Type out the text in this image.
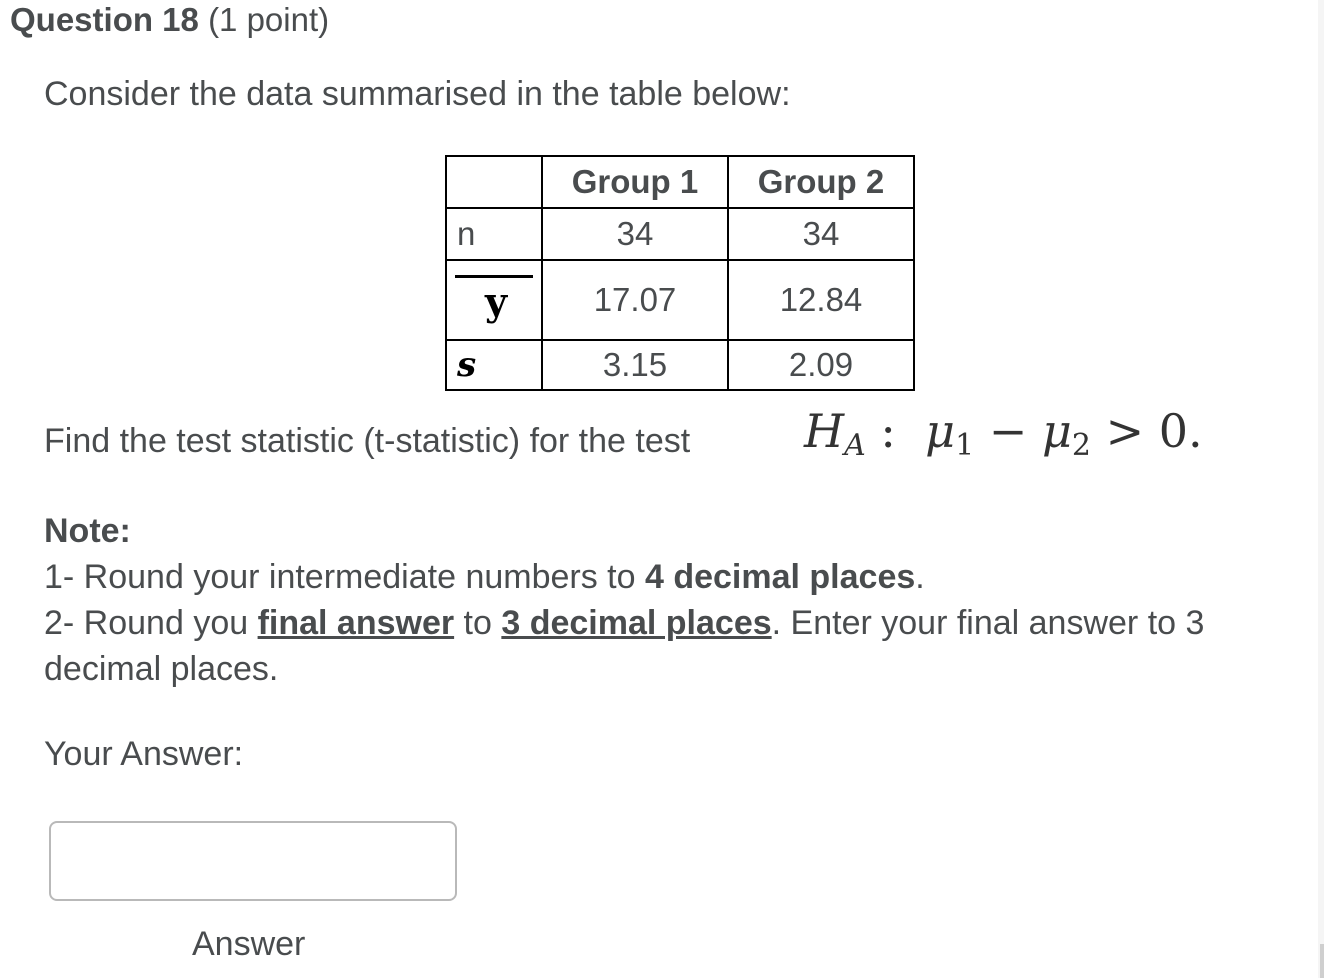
Question 18 (1 point)
Consider the data summarised in the table below:
	Group 1	Group 2
n	34	34
y	17.07	12.84
s	3.15	2.09
Find the test statistic (t-statistic) for the test $H_A$ : $\mu_1 - \mu_2 > 0$.
Note:
1- Round your intermediate numbers to 4 decimal places.
2- Round you final answer to 3 decimal places. Enter your final answer to 3 decimal places.
Your Answer:
Answer
